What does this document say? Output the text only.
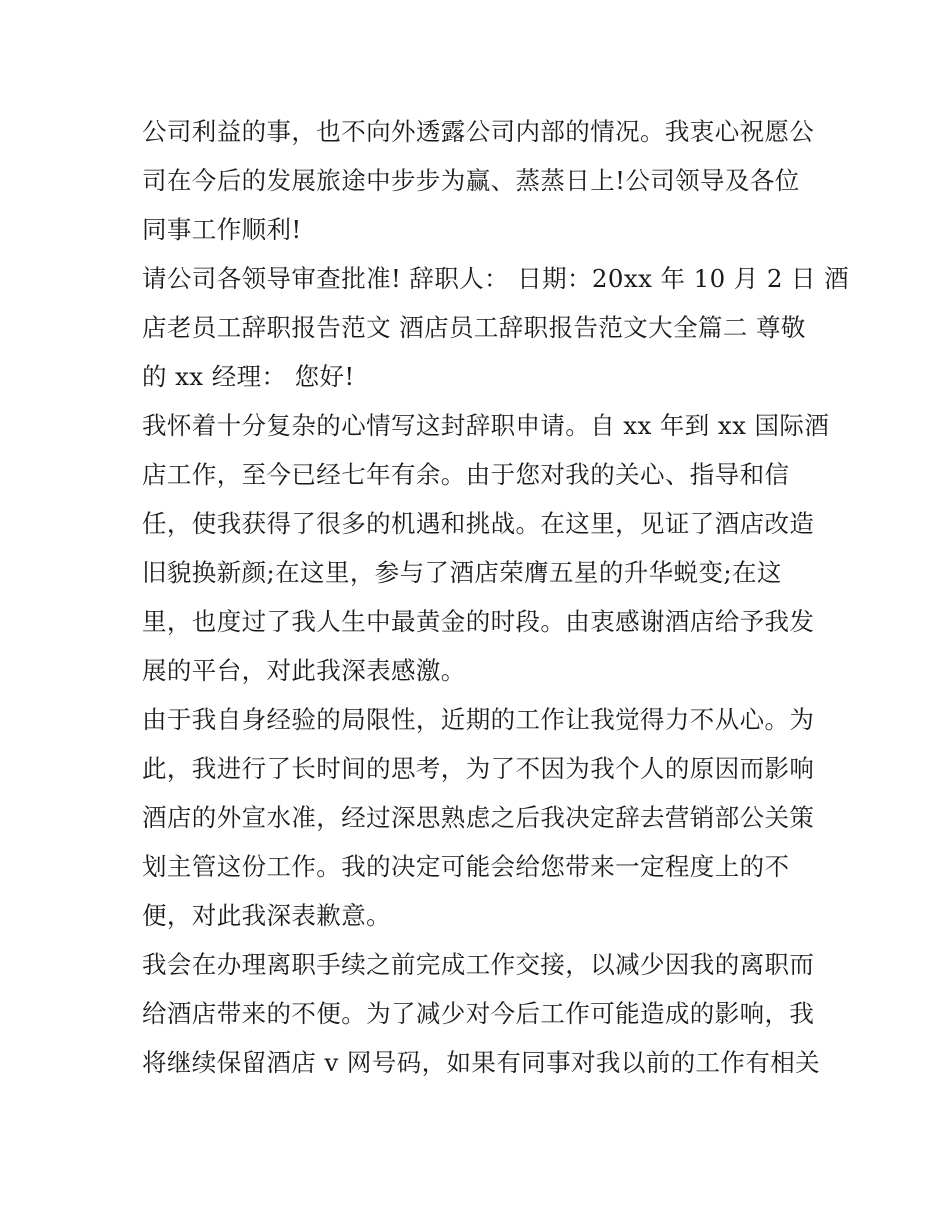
公司利益的事，也不向外透露公司内部的情况。我衷心祝愿公
司在今后的发展旅途中步步为赢、蒸蒸日上!公司领导及各位
同事工作顺利!

请公司各领导审查批准! 辞职人： 日期：20xx 年 10 月 2 日 酒
店老员工辞职报告范文 酒店员工辞职报告范文大全篇二 尊敬
的 xx 经理： 您好!

我怀着十分复杂的心情写这封辞职申请。自 xx 年到 xx 国际酒
店工作，至今已经七年有余。由于您对我的关心、指导和信
任，使我获得了很多的机遇和挑战。在这里，见证了酒店改造
旧貌换新颜;在这里，参与了酒店荣膺五星的升华蜕变;在这
里，也度过了我人生中最黄金的时段。由衷感谢酒店给予我发
展的平台，对此我深表感激。

由于我自身经验的局限性，近期的工作让我觉得力不从心。为
此，我进行了长时间的思考，为了不因为我个人的原因而影响
酒店的外宣水准，经过深思熟虑之后我决定辞去营销部公关策
划主管这份工作。我的决定可能会给您带来一定程度上的不
便，对此我深表歉意。

我会在办理离职手续之前完成工作交接，以减少因我的离职而
给酒店带来的不便。为了减少对今后工作可能造成的影响，我
将继续保留酒店 v 网号码，如果有同事对我以前的工作有相关
